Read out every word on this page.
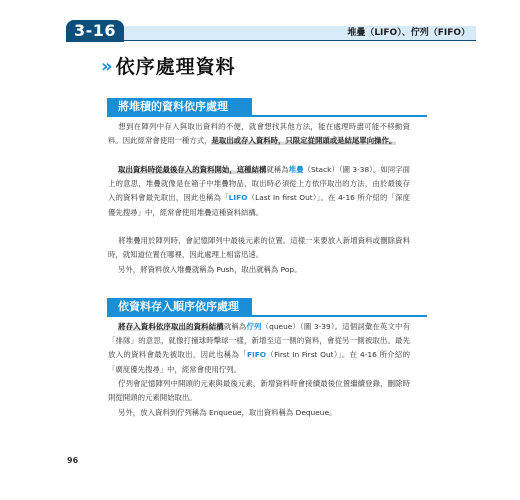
3-16	堆疊（LIFO）、佇列（FIFO）
» 依序處理資料
將堆積的資料依序處理
想到在陣列中存入與取出資料的不便，就會想找其他方法，能在處理時盡可能不移動資料。因此經常會使用一種方式，是取出或存入資料時，只限定從開頭或是結尾單向操作。
取出資料時從最後存入的資料開始，這種結構就稱為堆疊（Stack）（圖 3-38）。如同字面上的意思，堆疊就像是在箱子中堆疊物品，取出時必須從上方依序取出的方法，由於最後存入的資料會最先取出，因此也稱為「LIFO（Last In first Out）」。在 4-16 所介紹的「深度優先搜尋」中，經常會使用堆疊這種資料結構。
將堆疊用於陣列時，會記憶陣列中最後元素的位置。這樣一來要放入新增資料或刪除資料時，就知道位置在哪裡，因此處理上相當迅速。
另外，將資料放入堆疊就稱為 Push，取出就稱為 Pop。
依資料存入順序依序處理
將存入資料依序取出的資料結構就稱為佇列（queue）（圖 3-39）。這個詞彙在英文中有「排隊」的意思，就像打撞球時擊球一樣，新增至這一側的資料，會從另一側被取出。最先放入的資料會最先被取出，因此也稱為「FIFO（First In First Out）」。在 4-16 所介紹的「廣度優先搜尋」中，經常會使用佇列。
佇列會記憶陣列中開頭的元素與最後元素，新增資料時會接續最後位置繼續登錄，刪除時則從開頭的元素開始取出。
另外，放入資料到佇列稱為 Enqueue，取出資料稱為 Dequeue。
96
